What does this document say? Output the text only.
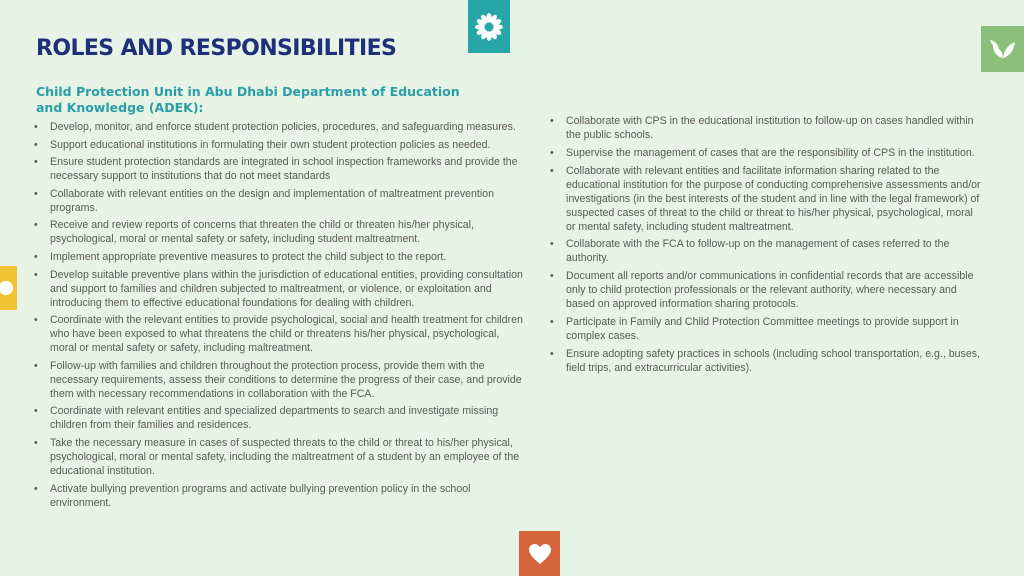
ROLES AND RESPONSIBILITIES
Child Protection Unit in Abu Dhabi Department of Education and Knowledge (ADEK):
• Develop, monitor, and enforce student protection policies, procedures, and safeguarding measures.
• Support educational institutions in formulating their own student protection policies as needed.
• Ensure student protection standards are integrated in school inspection frameworks and provide the necessary support to institutions that do not meet standards
• Collaborate with relevant entities on the design and implementation of maltreatment prevention programs.
• Receive and review reports of concerns that threaten the child or threaten his/her physical, psychological, moral or mental safety or safety, including student maltreatment.
• Implement appropriate preventive measures to protect the child subject to the report.
• Develop suitable preventive plans within the jurisdiction of educational entities, providing consultation and support to families and children subjected to maltreatment, or violence, or exploitation and introducing them to effective educational foundations for dealing with children.
• Coordinate with the relevant entities to provide psychological, social and health treatment for children who have been exposed to what threatens the child or threatens his/her physical, psychological, moral or mental safety or safety, including maltreatment.
• Follow-up with families and children throughout the protection process, provide them with the necessary requirements, assess their conditions to determine the progress of their case, and provide them with necessary recommendations in collaboration with the FCA.
• Coordinate with relevant entities and specialized departments to search and investigate missing children from their families and residences.
• Take the necessary measure in cases of suspected threats to the child or threat to his/her physical, psychological, moral or mental safety, including the maltreatment of a student by an employee of the educational institution.
• Activate bullying prevention programs and activate bullying prevention policy in the school environment.
• Collaborate with CPS in the educational institution to follow-up on cases handled within the public schools.
• Supervise the management of cases that are the responsibility of CPS in the institution.
• Collaborate with relevant entities and facilitate information sharing related to the educational institution for the purpose of conducting comprehensive assessments and/or investigations (in the best interests of the student and in line with the legal framework) of suspected cases of threat to the child or threat to his/her physical, psychological, moral or mental safety, including student maltreatment.
• Collaborate with the FCA to follow-up on the management of cases referred to the authority.
• Document all reports and/or communications in confidential records that are accessible only to child protection professionals or the relevant authority, where necessary and based on approved information sharing protocols.
• Participate in Family and Child Protection Committee meetings to provide support in complex cases.
• Ensure adopting safety practices in schools (including school transportation, e.g., buses, field trips, and extracurricular activities).
